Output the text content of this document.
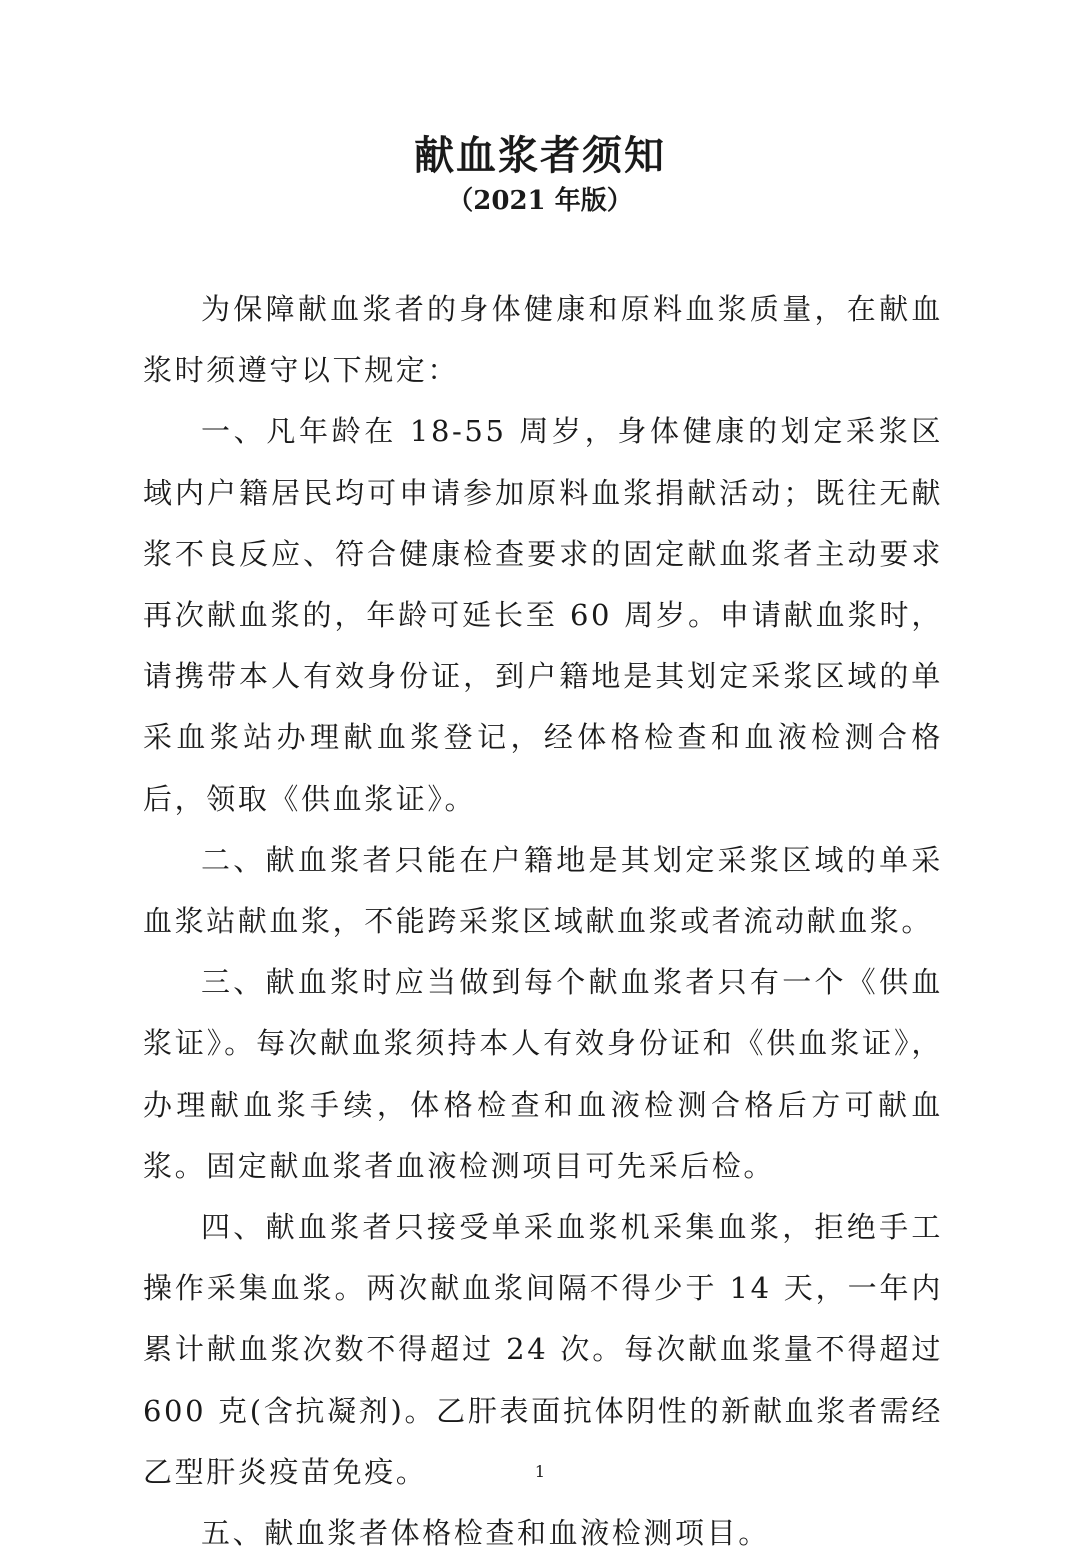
献血浆者须知
（2021 年版）

为保障献血浆者的身体健康和原料血浆质量，在献血浆时须遵守以下规定：

一、凡年龄在 18-55 周岁，身体健康的划定采浆区域内户籍居民均可申请参加原料血浆捐献活动；既往无献浆不良反应、符合健康检查要求的固定献血浆者主动要求再次献血浆的，年龄可延长至 60 周岁。申请献血浆时，请携带本人有效身份证，到户籍地是其划定采浆区域的单采血浆站办理献血浆登记，经体格检查和血液检测合格后，领取《供血浆证》。

二、献血浆者只能在户籍地是其划定采浆区域的单采血浆站献血浆，不能跨采浆区域献血浆或者流动献血浆。

三、献血浆时应当做到每个献血浆者只有一个《供血浆证》。每次献血浆须持本人有效身份证和《供血浆证》，办理献血浆手续，体格检查和血液检测合格后方可献血浆。固定献血浆者血液检测项目可先采后检。

四、献血浆者只接受单采血浆机采集血浆，拒绝手工操作采集血浆。两次献血浆间隔不得少于 14 天，一年内累计献血浆次数不得超过 24 次。每次献血浆量不得超过 600 克(含抗凝剂)。乙肝表面抗体阴性的新献血浆者需经乙型肝炎疫苗免疫。

五、献血浆者体格检查和血液检测项目。

1
